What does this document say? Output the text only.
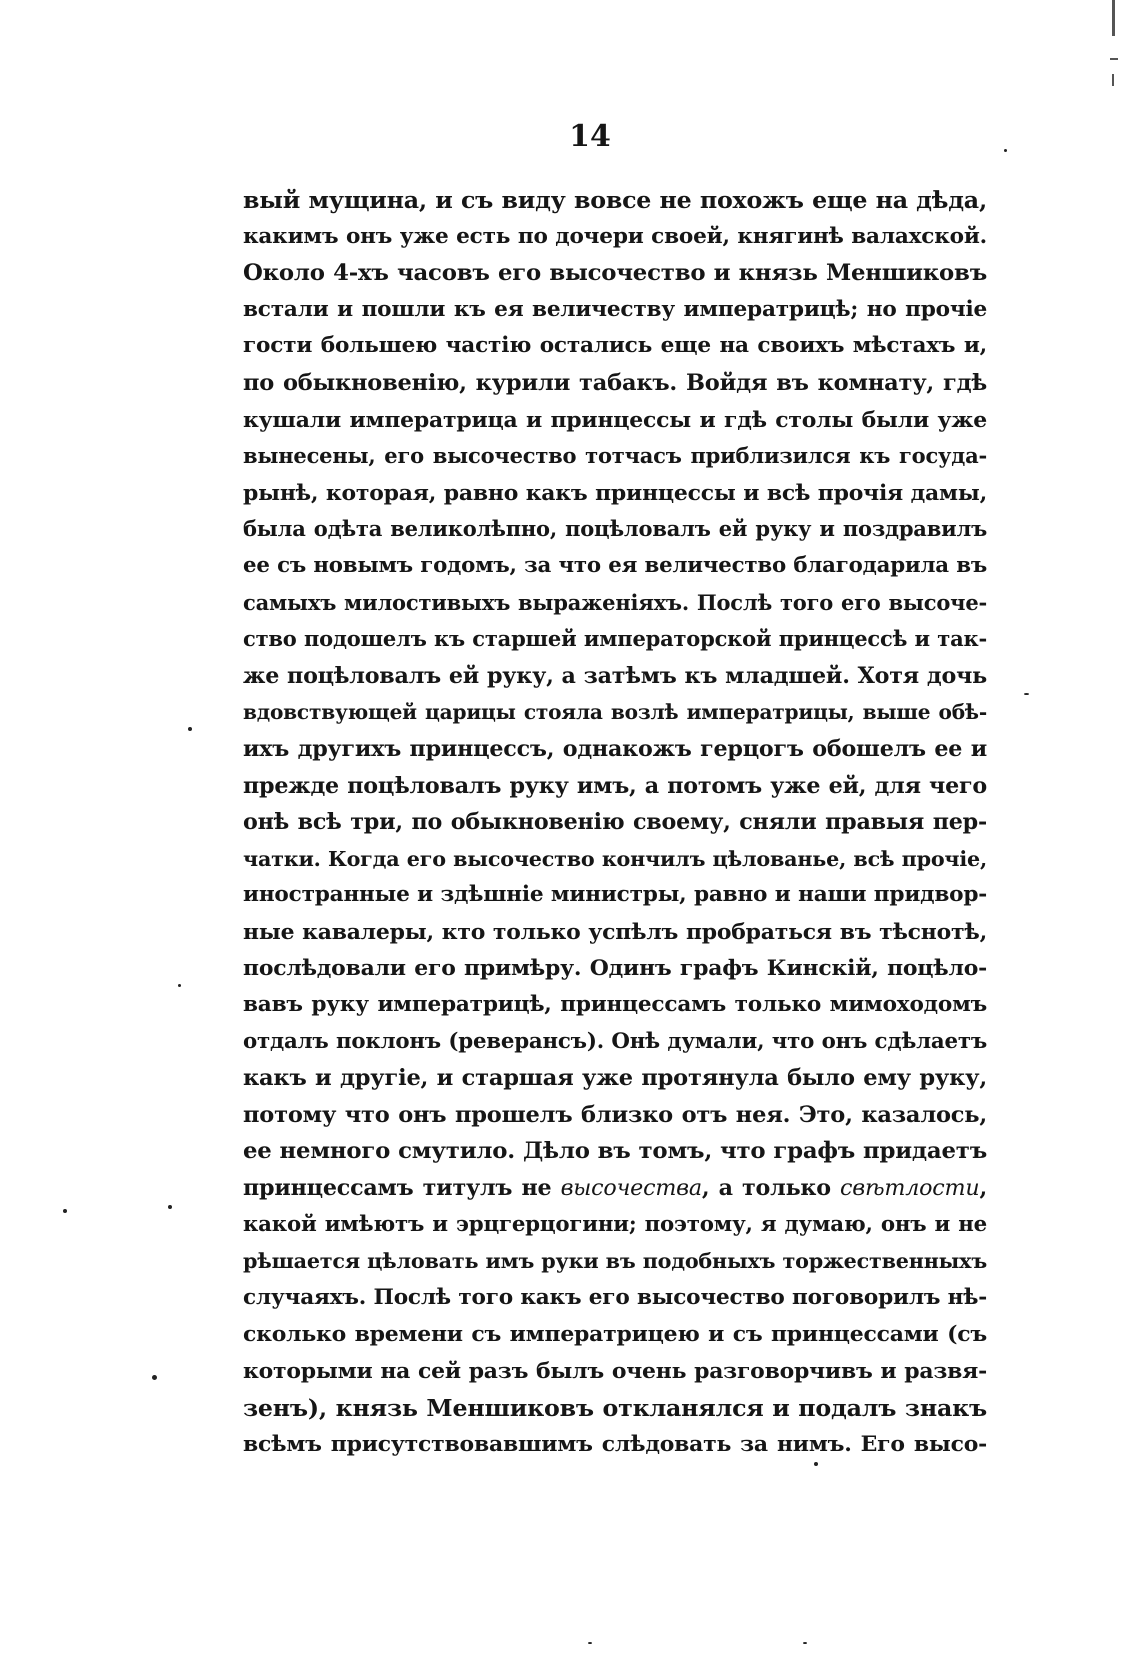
14
вый мущина, и съ виду вовсе не похожъ еще на дѣда,
какимъ онъ уже есть по дочери своей, княгинѣ валахской.
Около 4-хъ часовъ его высочество и князь Меншиковъ
встали и пошли къ ея величеству императрицѣ; но прочіе
гости большею частію остались еще на своихъ мѣстахъ и,
по обыкновенію, курили табакъ. Войдя въ комнату, гдѣ
кушали императрица и принцессы и гдѣ столы были уже
вынесены, его высочество тотчасъ приблизился къ госуда-
рынѣ, которая, равно какъ принцессы и всѣ прочія дамы,
была одѣта великолѣпно, поцѣловалъ ей руку и поздравилъ
ее съ новымъ годомъ, за что ея величество благодарила въ
самыхъ милостивыхъ выраженіяхъ. Послѣ того его высоче-
ство подошелъ къ старшей императорской принцессѣ и так-
же поцѣловалъ ей руку, а затѣмъ къ младшей. Хотя дочь
вдовствующей царицы стояла возлѣ императрицы, выше обѣ-
ихъ другихъ принцессъ, однакожъ герцогъ обошелъ ее и
прежде поцѣловалъ руку имъ, а потомъ уже ей, для чего
онѣ всѣ три, по обыкновенію своему, сняли правыя пер-
чатки. Когда его высочество кончилъ цѣлованье, всѣ прочіе,
иностранные и здѣшніе министры, равно и наши придвор-
ные кавалеры, кто только успѣлъ пробраться въ тѣснотѣ,
послѣдовали его примѣру. Одинъ графъ Кинскій, поцѣло-
вавъ руку императрицѣ, принцессамъ только мимоходомъ
отдалъ поклонъ (реверансъ). Онѣ думали, что онъ сдѣлаетъ
какъ и другіе, и старшая уже протянула было ему руку,
потому что онъ прошелъ близко отъ нея. Это, казалось,
ее немного смутило. Дѣло въ томъ, что графъ придаетъ
принцессамъ титулъ не высочества, а только свѣтлости,
какой имѣютъ и эрцгерцогини; поэтому, я думаю, онъ и не
рѣшается цѣловать имъ руки въ подобныхъ торжественныхъ
случаяхъ. Послѣ того какъ его высочество поговорилъ нѣ-
сколько времени съ императрицею и съ принцессами (съ
которыми на сей разъ былъ очень разговорчивъ и развя-
зенъ), князь Меншиковъ откланялся и подалъ знакъ
всѣмъ присутствовавшимъ слѣдовать за нимъ. Его высо-
